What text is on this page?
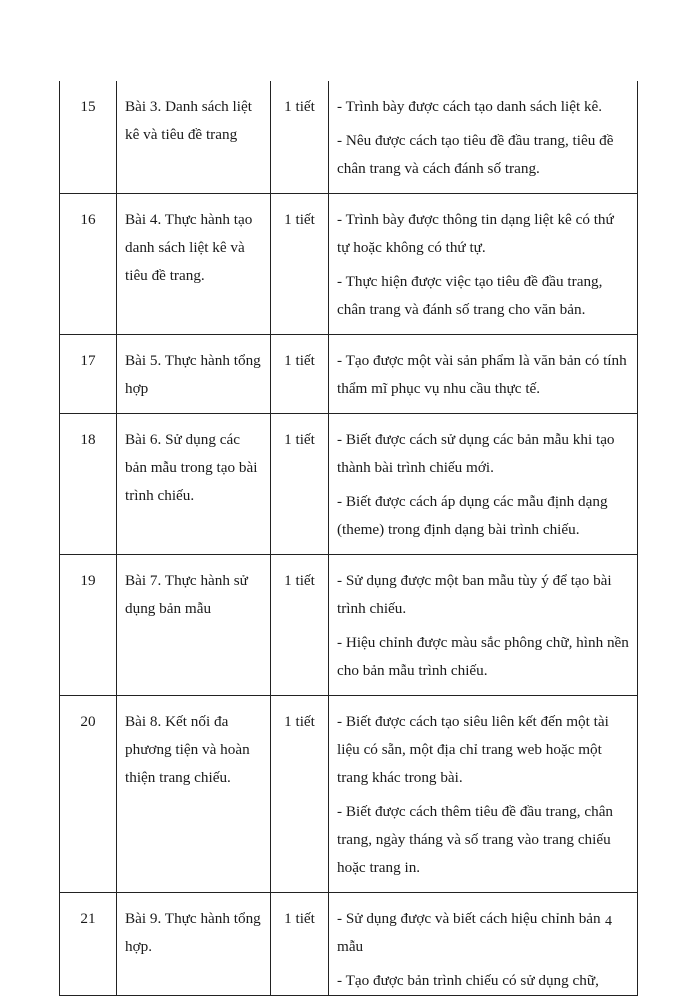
15	Bài 3. Danh sách liệt kê và tiêu đề trang	1 tiết	- Trình bày được cách tạo danh sách liệt kê.
- Nêu được cách tạo tiêu đề đầu trang, tiêu đề chân trang và cách đánh số trang.

16	Bài 4. Thực hành tạo danh sách liệt kê và tiêu đề trang.	1 tiết	- Trình bày được thông tin dạng liệt kê có thứ tự hoặc không có thứ tự.
- Thực hiện được việc tạo tiêu đề đầu trang, chân trang và đánh số trang cho văn bản.

17	Bài 5. Thực hành tổng hợp	1 tiết	- Tạo được một vài sản phẩm là văn bản có tính thẩm mĩ phục vụ nhu cầu thực tế.

18	Bài 6. Sử dụng các bản mẫu trong tạo bài trình chiếu.	1 tiết	- Biết được cách sử dụng các bản mẫu khi tạo thành bài trình chiếu mới.
- Biết được cách áp dụng các mẫu định dạng (theme) trong định dạng bài trình chiếu.

19	Bài 7. Thực hành sử dụng bản mẫu	1 tiết	- Sử dụng được một ban mẫu tùy ý để tạo bài trình chiếu.
- Hiệu chỉnh được màu sắc phông chữ, hình nền cho bản mẫu trình chiếu.

20	Bài 8. Kết nối đa phương tiện và hoàn thiện trang chiếu.	1 tiết	- Biết được cách tạo siêu liên kết đến một tài liệu có sẵn, một địa chỉ trang web hoặc một trang khác trong bài.
- Biết được cách thêm tiêu đề đầu trang, chân trang, ngày tháng và số trang vào trang chiếu hoặc trang in.

21	Bài 9. Thực hành tổng hợp.	1 tiết	- Sử dụng được và biết cách hiệu chỉnh bản mẫu
- Tạo được bản trình chiếu có sử dụng chữ,
4
